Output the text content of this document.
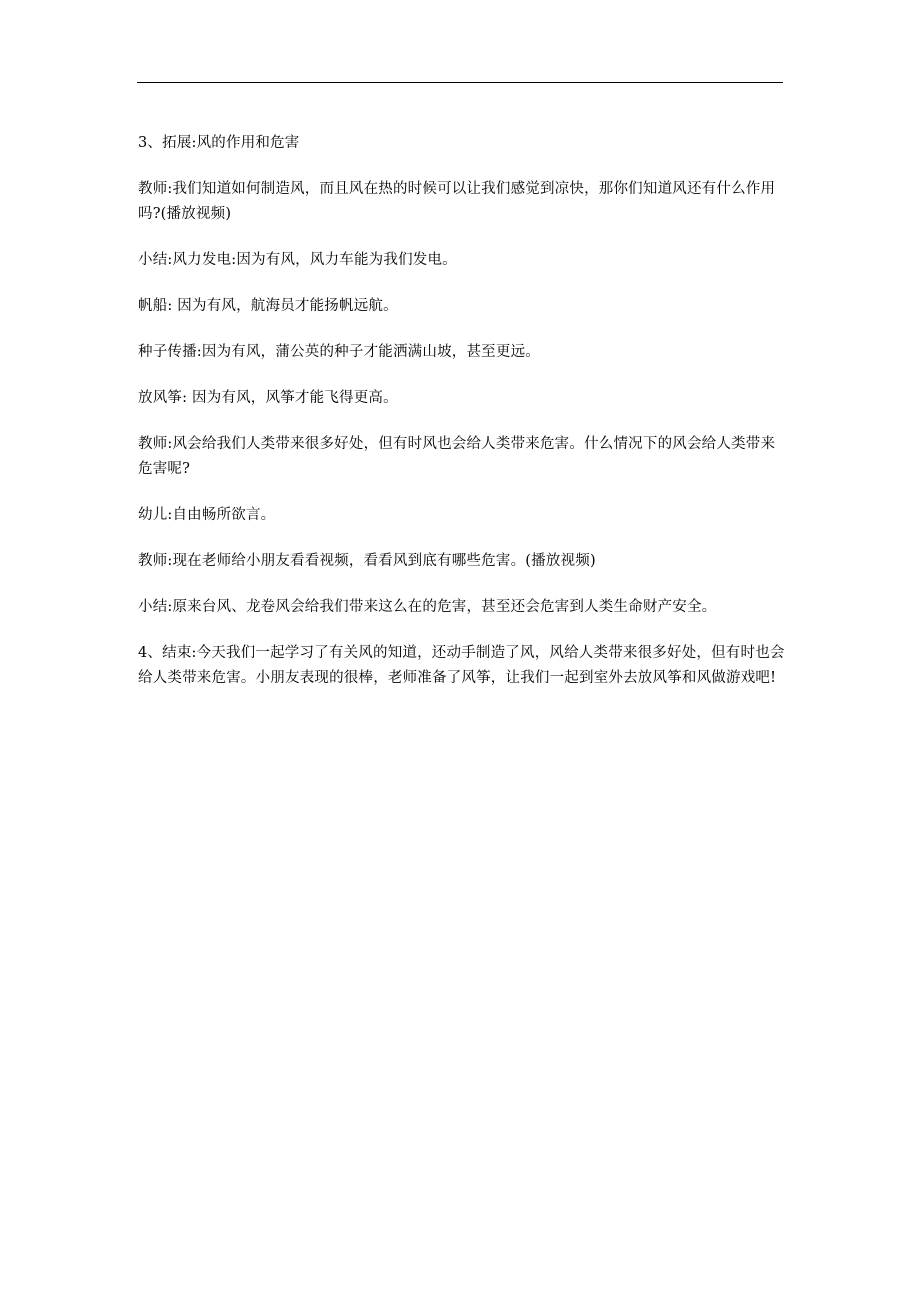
3、拓展:风的作用和危害

教师:我们知道如何制造风，而且风在热的时候可以让我们感觉到凉快，那你们知道风还有什么作用吗?(播放视频)

小结:风力发电:因为有风，风力车能为我们发电。

帆船: 因为有风，航海员才能扬帆远航。

种子传播:因为有风，蒲公英的种子才能洒满山坡，甚至更远。

放风筝: 因为有风，风筝才能飞得更高。

教师:风会给我们人类带来很多好处，但有时风也会给人类带来危害。什么情况下的风会给人类带来危害呢?

幼儿:自由畅所欲言。

教师:现在老师给小朋友看看视频，看看风到底有哪些危害。(播放视频)

小结:原来台风、龙卷风会给我们带来这么在的危害，甚至还会危害到人类生命财产安全。

4、结束:今天我们一起学习了有关风的知道，还动手制造了风，风给人类带来很多好处，但有时也会给人类带来危害。小朋友表现的很棒，老师准备了风筝，让我们一起到室外去放风筝和风做游戏吧!
